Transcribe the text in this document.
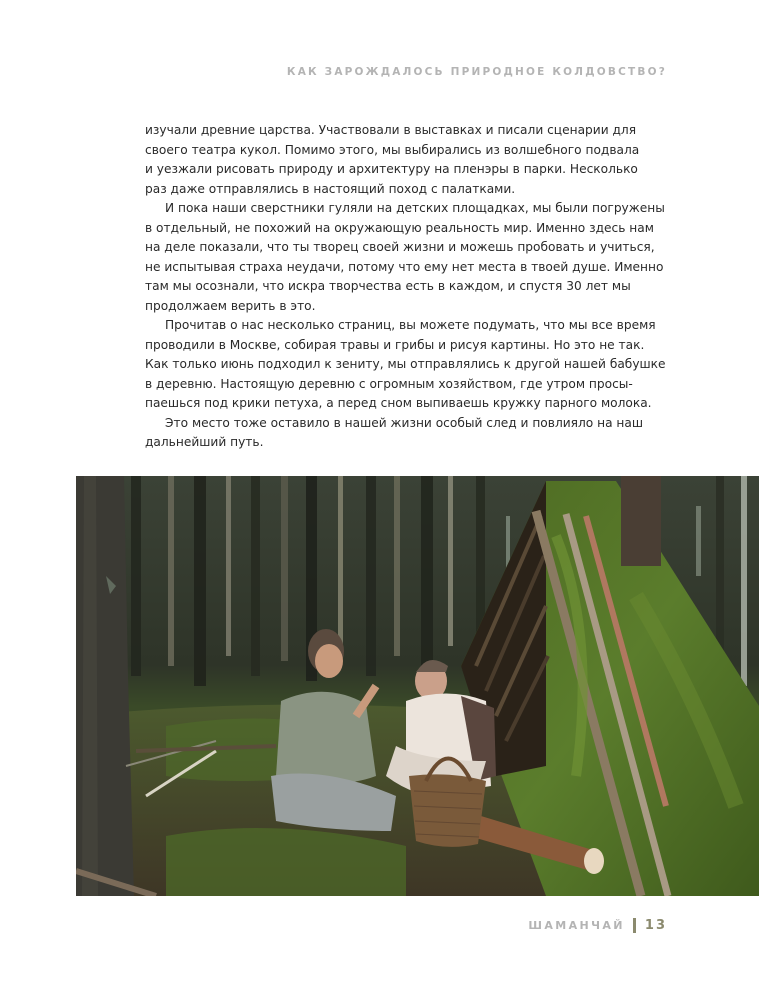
КАК ЗАРОЖДАЛОСЬ ПРИРОДНОЕ КОЛДОВСТВО?

изучали древние царства. Участвовали в выставках и писали сценарии для
своего театра кукол. Помимо этого, мы выбирались из волшебного подвала
и уезжали рисовать природу и архитектуру на пленэры в парки. Несколько
раз даже отправлялись в настоящий поход с палатками.

И пока наши сверстники гуляли на детских площадках, мы были погружены
в отдельный, не похожий на окружающую реальность мир. Именно здесь нам
на деле показали, что ты творец своей жизни и можешь пробовать и учиться,
не испытывая страха неудачи, потому что ему нет места в твоей душе. Именно
там мы осознали, что искра творчества есть в каждом, и спустя 30 лет мы
продолжаем верить в это.

Прочитав о нас несколько страниц, вы можете подумать, что мы все время
проводили в Москве, собирая травы и грибы и рисуя картины. Но это не так.
Как только июнь подходил к зениту, мы отправлялись к другой нашей бабушке
в деревню. Настоящую деревню с огромным хозяйством, где утром просы-
паешься под крики петуха, а перед сном выпиваешь кружку парного молока.

Это место тоже оставило в нашей жизни особый след и повлияло на наш
дальнейший путь.

ШАМАНЧАЙ 13
